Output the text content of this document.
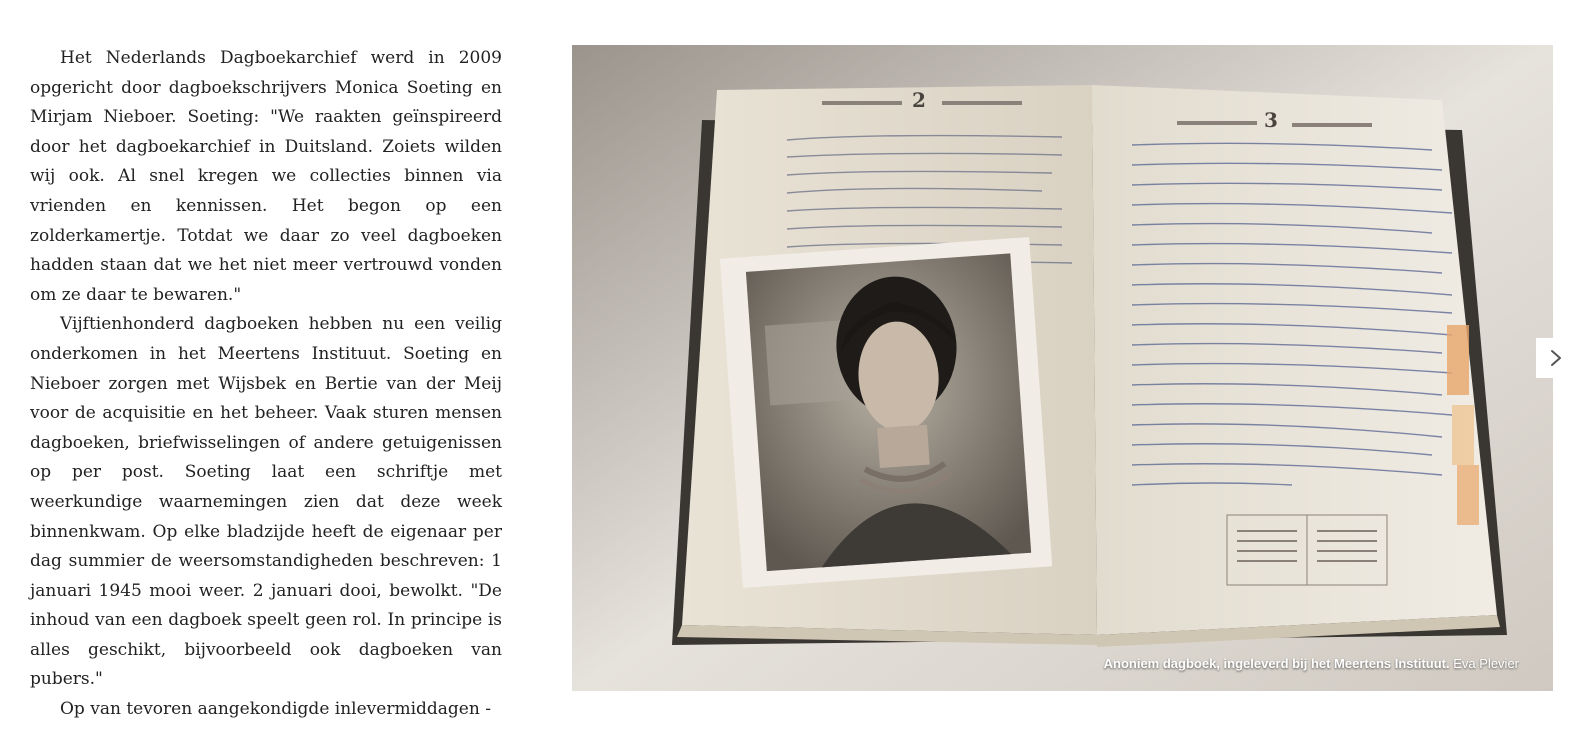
Het Nederlands Dagboekarchief werd in 2009 opgericht door dagboekschrijvers Monica Soeting en Mirjam Nieboer. Soeting: "We raakten geïnspireerd door het dagboekarchief in Duitsland. Zoiets wilden wij ook. Al snel kregen we collecties binnen via vrienden en kennissen. Het begon op een zolderkamertje. Totdat we daar zo veel dagboeken hadden staan dat we het niet meer vertrouwd vonden om ze daar te bewaren."

Vijftienhonderd dagboeken hebben nu een veilig onderkomen in het Meertens Instituut. Soeting en Nieboer zorgen met Wijsbek en Bertie van der Meij voor de acquisitie en het beheer. Vaak sturen mensen dagboeken, briefwisselingen of andere getuigenissen op per post. Soeting laat een schriftje met weerkundige waarnemingen zien dat deze week binnenkwam. Op elke bladzijde heeft de eigenaar per dag summier de weersomstandigheden beschreven: 1 januari 1945 mooi weer. 2 januari dooi, bewolkt. "De inhoud van een dagboek speelt geen rol. In principe is alles geschikt, bijvoorbeeld ook dagboeken van pubers."

Op van tevoren aangekondigde inlevermiddagen -

2
3
Anoniem dagboek, ingeleverd bij het Meertens Instituut. Eva Plevier
